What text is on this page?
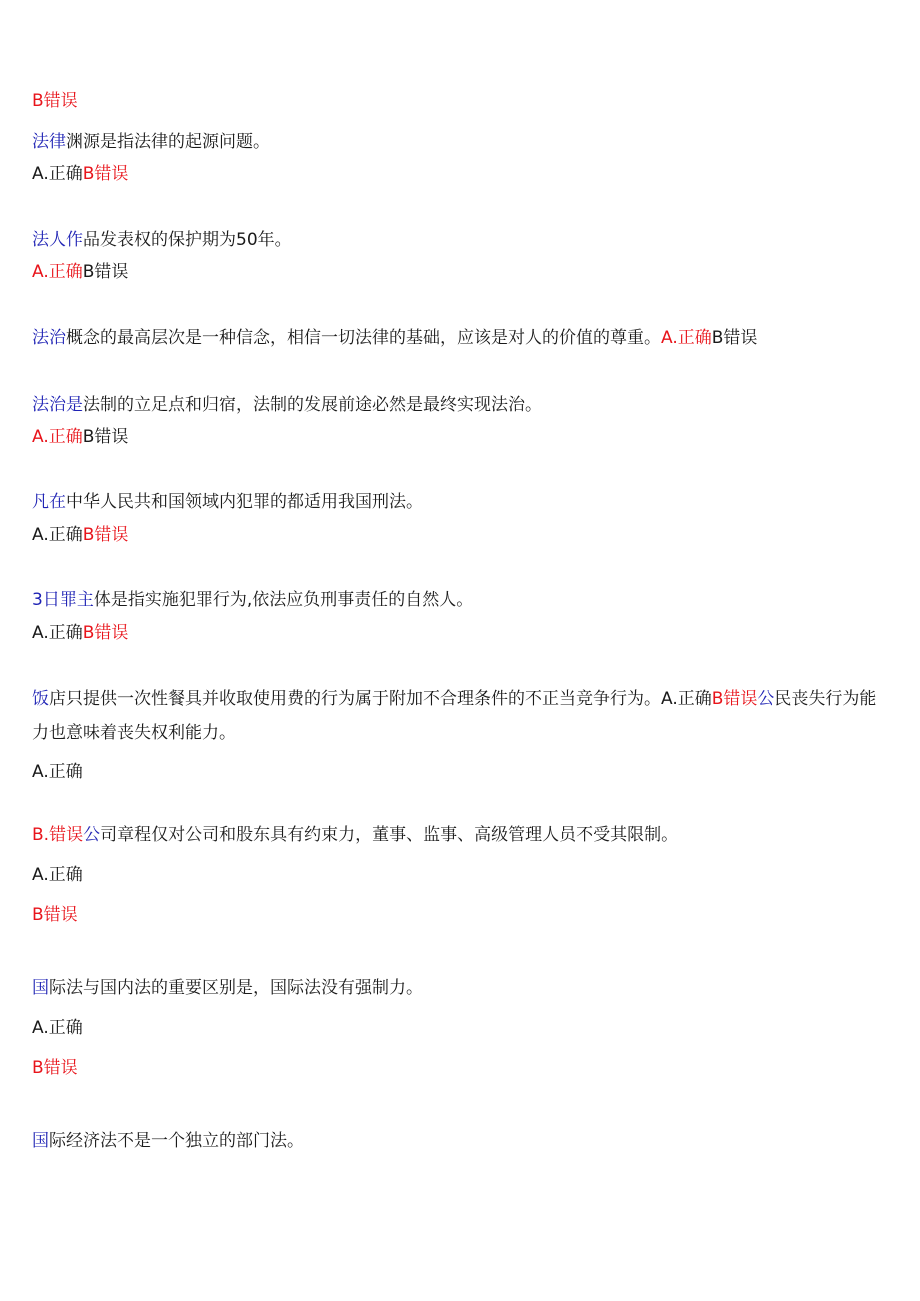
B错误
法律渊源是指法律的起源问题。
A.正确B错误
法人作品发表权的保护期为50年。
A.正确B错误
法治概念的最高层次是一种信念，相信一切法律的基础，应该是对人的价值的尊重。A.正确B错误
法治是法制的立足点和归宿，法制的发展前途必然是最终实现法治。
A.正确B错误
凡在中华人民共和国领域内犯罪的都适用我国刑法。
A.正确B错误
3日罪主体是指实施犯罪行为,依法应负刑事责任的自然人。
A.正确B错误
饭店只提供一次性餐具并收取使用费的行为属于附加不合理条件的不正当竞争行为。A.正确B错误公民丧失行为能力也意味着丧失权利能力。
A.正确
B.错误公司章程仅对公司和股东具有约束力，董事、监事、高级管理人员不受其限制。
A.正确
B错误
国际法与国内法的重要区别是，国际法没有强制力。
A.正确
B错误
国际经济法不是一个独立的部门法。
